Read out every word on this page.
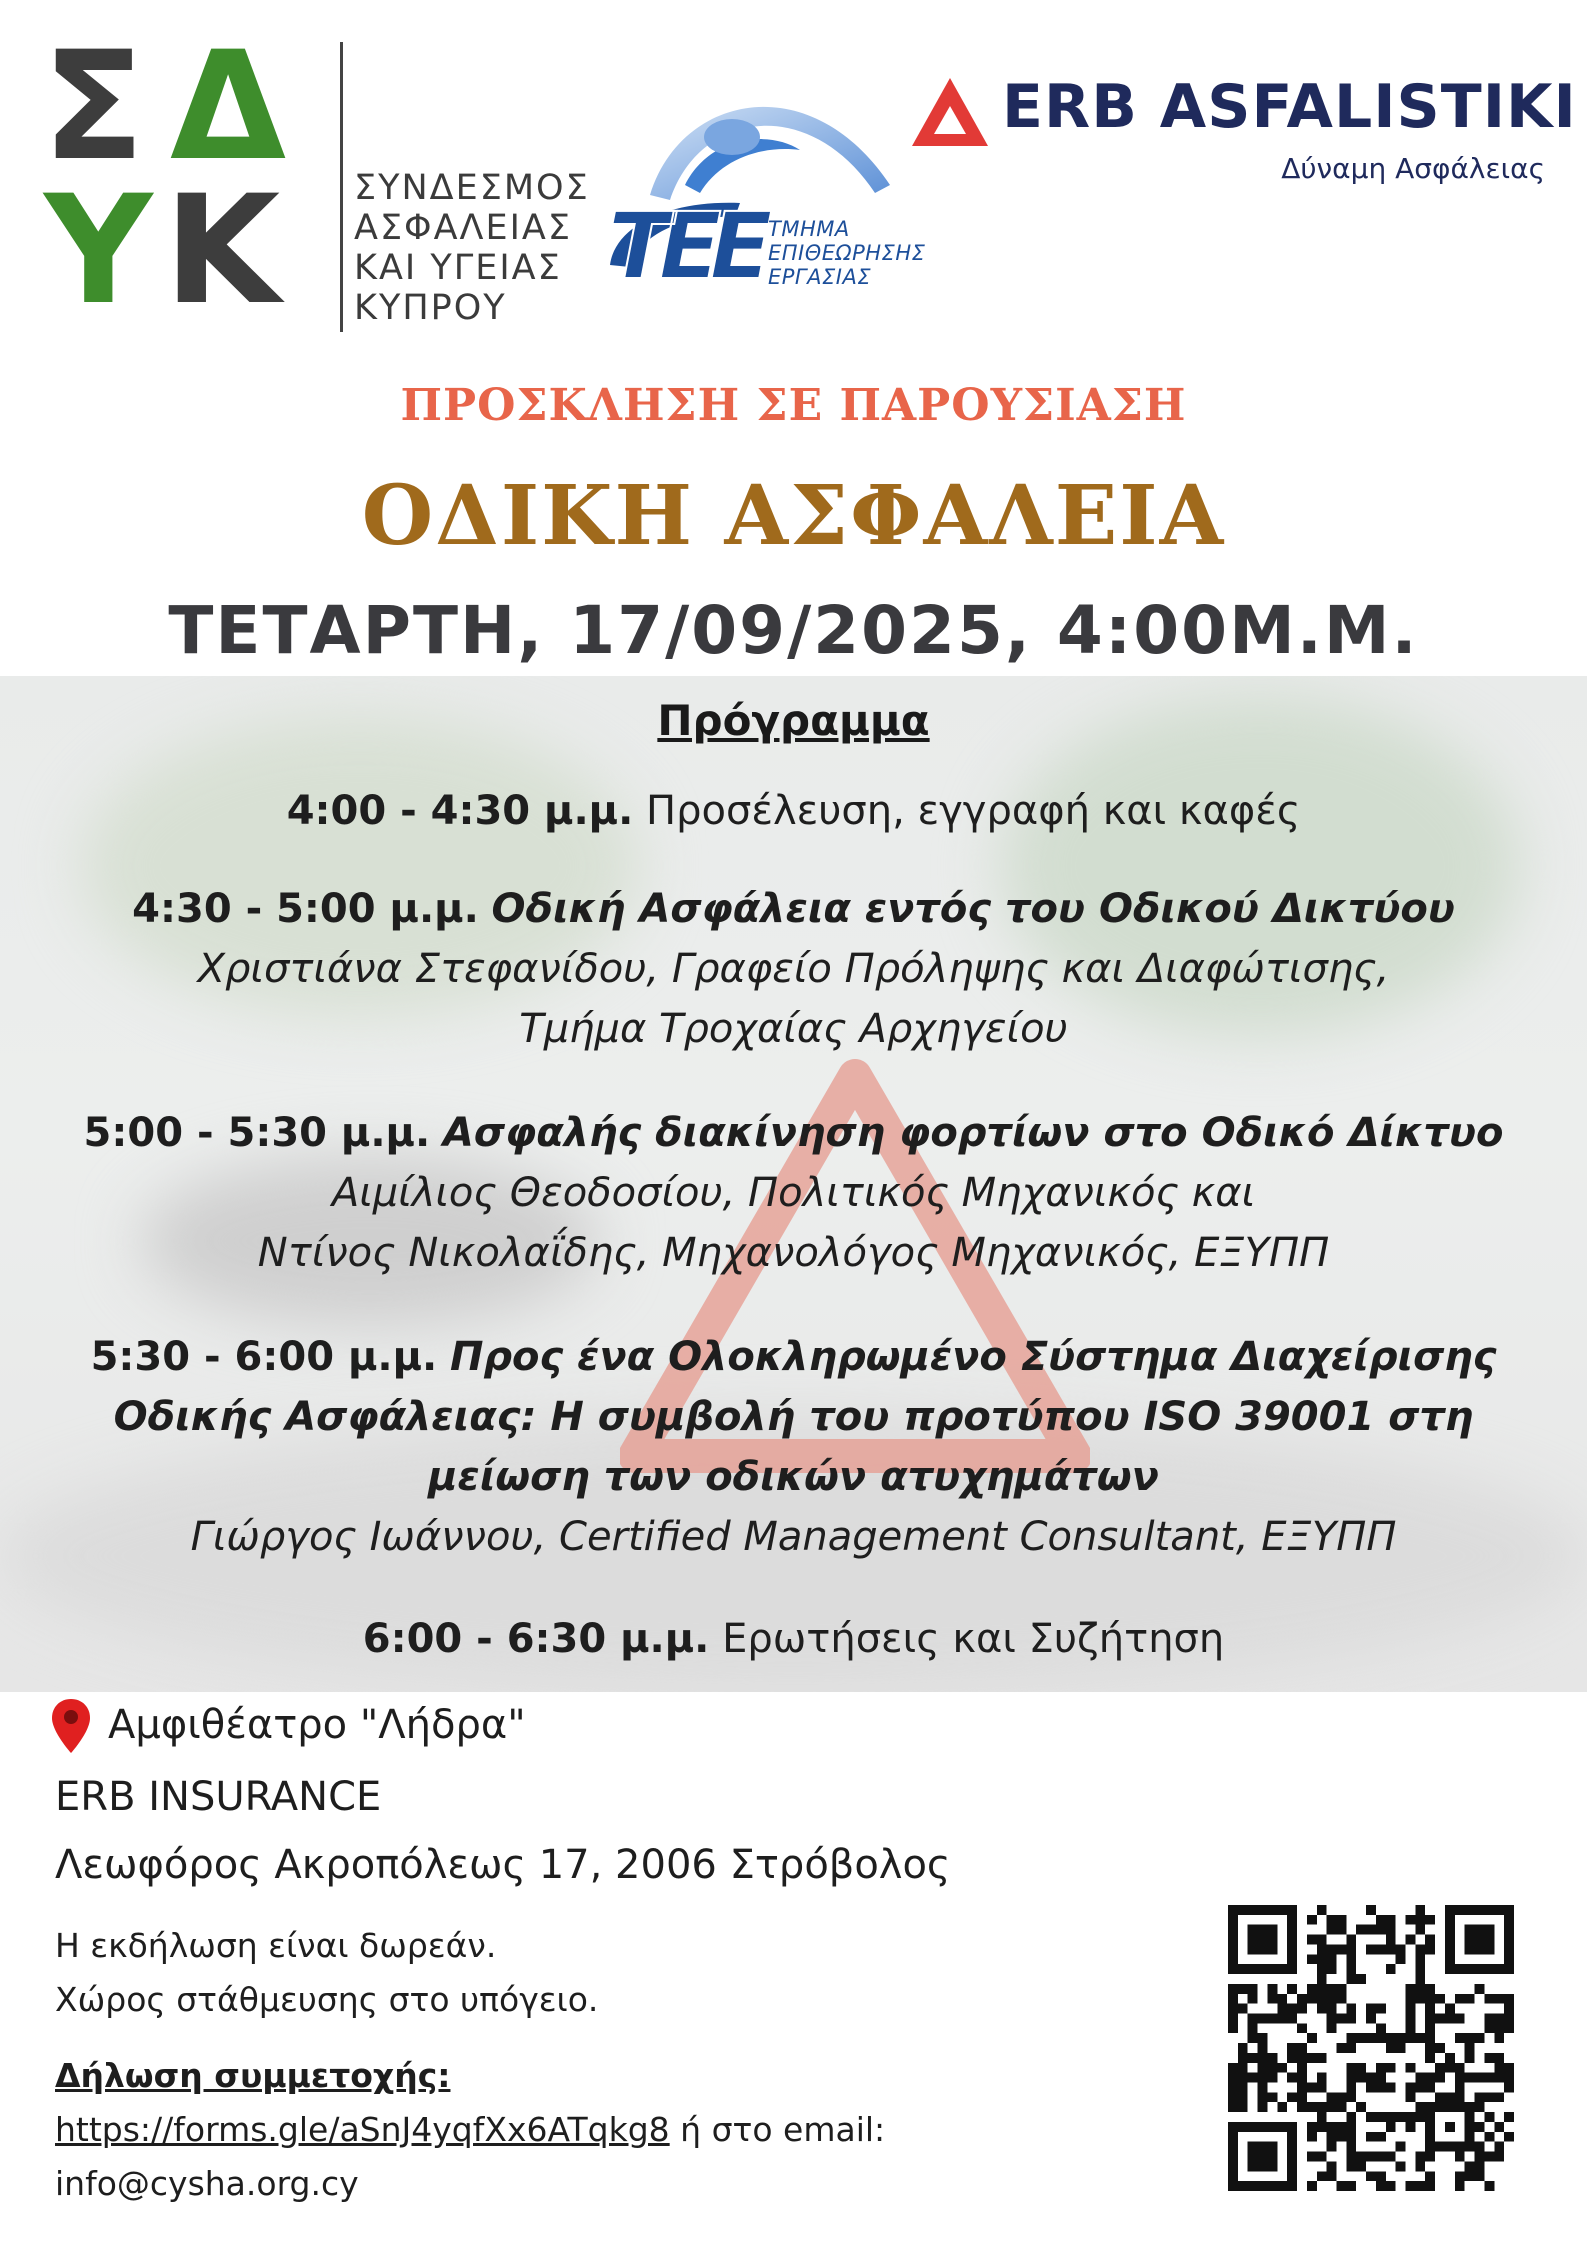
Σ Δ
Υ Κ ΣΥΝΔΕΣΜΟΣ
ΑΣΦΑΛΕΙΑΣ
ΚΑΙ ΥΓΕΙΑΣ
ΚΥΠΡΟΥ
ΤΕΕ ΤΜΗΜΑ
ΕΠΙΘΕΩΡΗΣΗΣ
ΕΡΓΑΣΙΑΣ
ERB ASFALISTIKI
Δύναμη Ασφάλειας
ΠΡΟΣΚΛΗΣΗ ΣΕ ΠΑΡΟΥΣΙΑΣΗ
ΟΔΙΚΗ ΑΣΦΑΛΕΙΑ
ΤΕΤΑΡΤΗ, 17/09/2025, 4:00Μ.Μ.
Πρόγραμμα
4:00 - 4:30 μ.μ. Προσέλευση, εγγραφή και καφές
4:30 - 5:00 μ.μ. Οδική Ασφάλεια εντός του Οδικού Δικτύου
Χριστιάνα Στεφανίδου, Γραφείο Πρόληψης και Διαφώτισης,
Τμήμα Τροχαίας Αρχηγείου
5:00 - 5:30 μ.μ. Ασφαλής διακίνηση φορτίων στο Οδικό Δίκτυο
Αιμίλιος Θεοδοσίου, Πολιτικός Μηχανικός και
Ντίνος Νικολαΐδης, Μηχανολόγος Μηχανικός, ΕΞΥΠΠ
5:30 - 6:00 μ.μ. Προς ένα Ολοκληρωμένο Σύστημα Διαχείρισης
Οδικής Ασφάλειας: Η συμβολή του προτύπου ISO 39001 στη
μείωση των οδικών ατυχημάτων
Γιώργος Ιωάννου, Certified Management Consultant, ΕΞΥΠΠ
6:00 - 6:30 μ.μ. Ερωτήσεις και Συζήτηση
Αμφιθέατρο "Λήδρα"
ERB INSURANCE
Λεωφόρος Ακροπόλεως 17, 2006 Στρόβολος
Η εκδήλωση είναι δωρεάν.
Χώρος στάθμευσης στο υπόγειο.
Δήλωση συμμετοχής:
https://forms.gle/aSnJ4yqfXx6ATqkg8 ή στο email:
info@cysha.org.cy
